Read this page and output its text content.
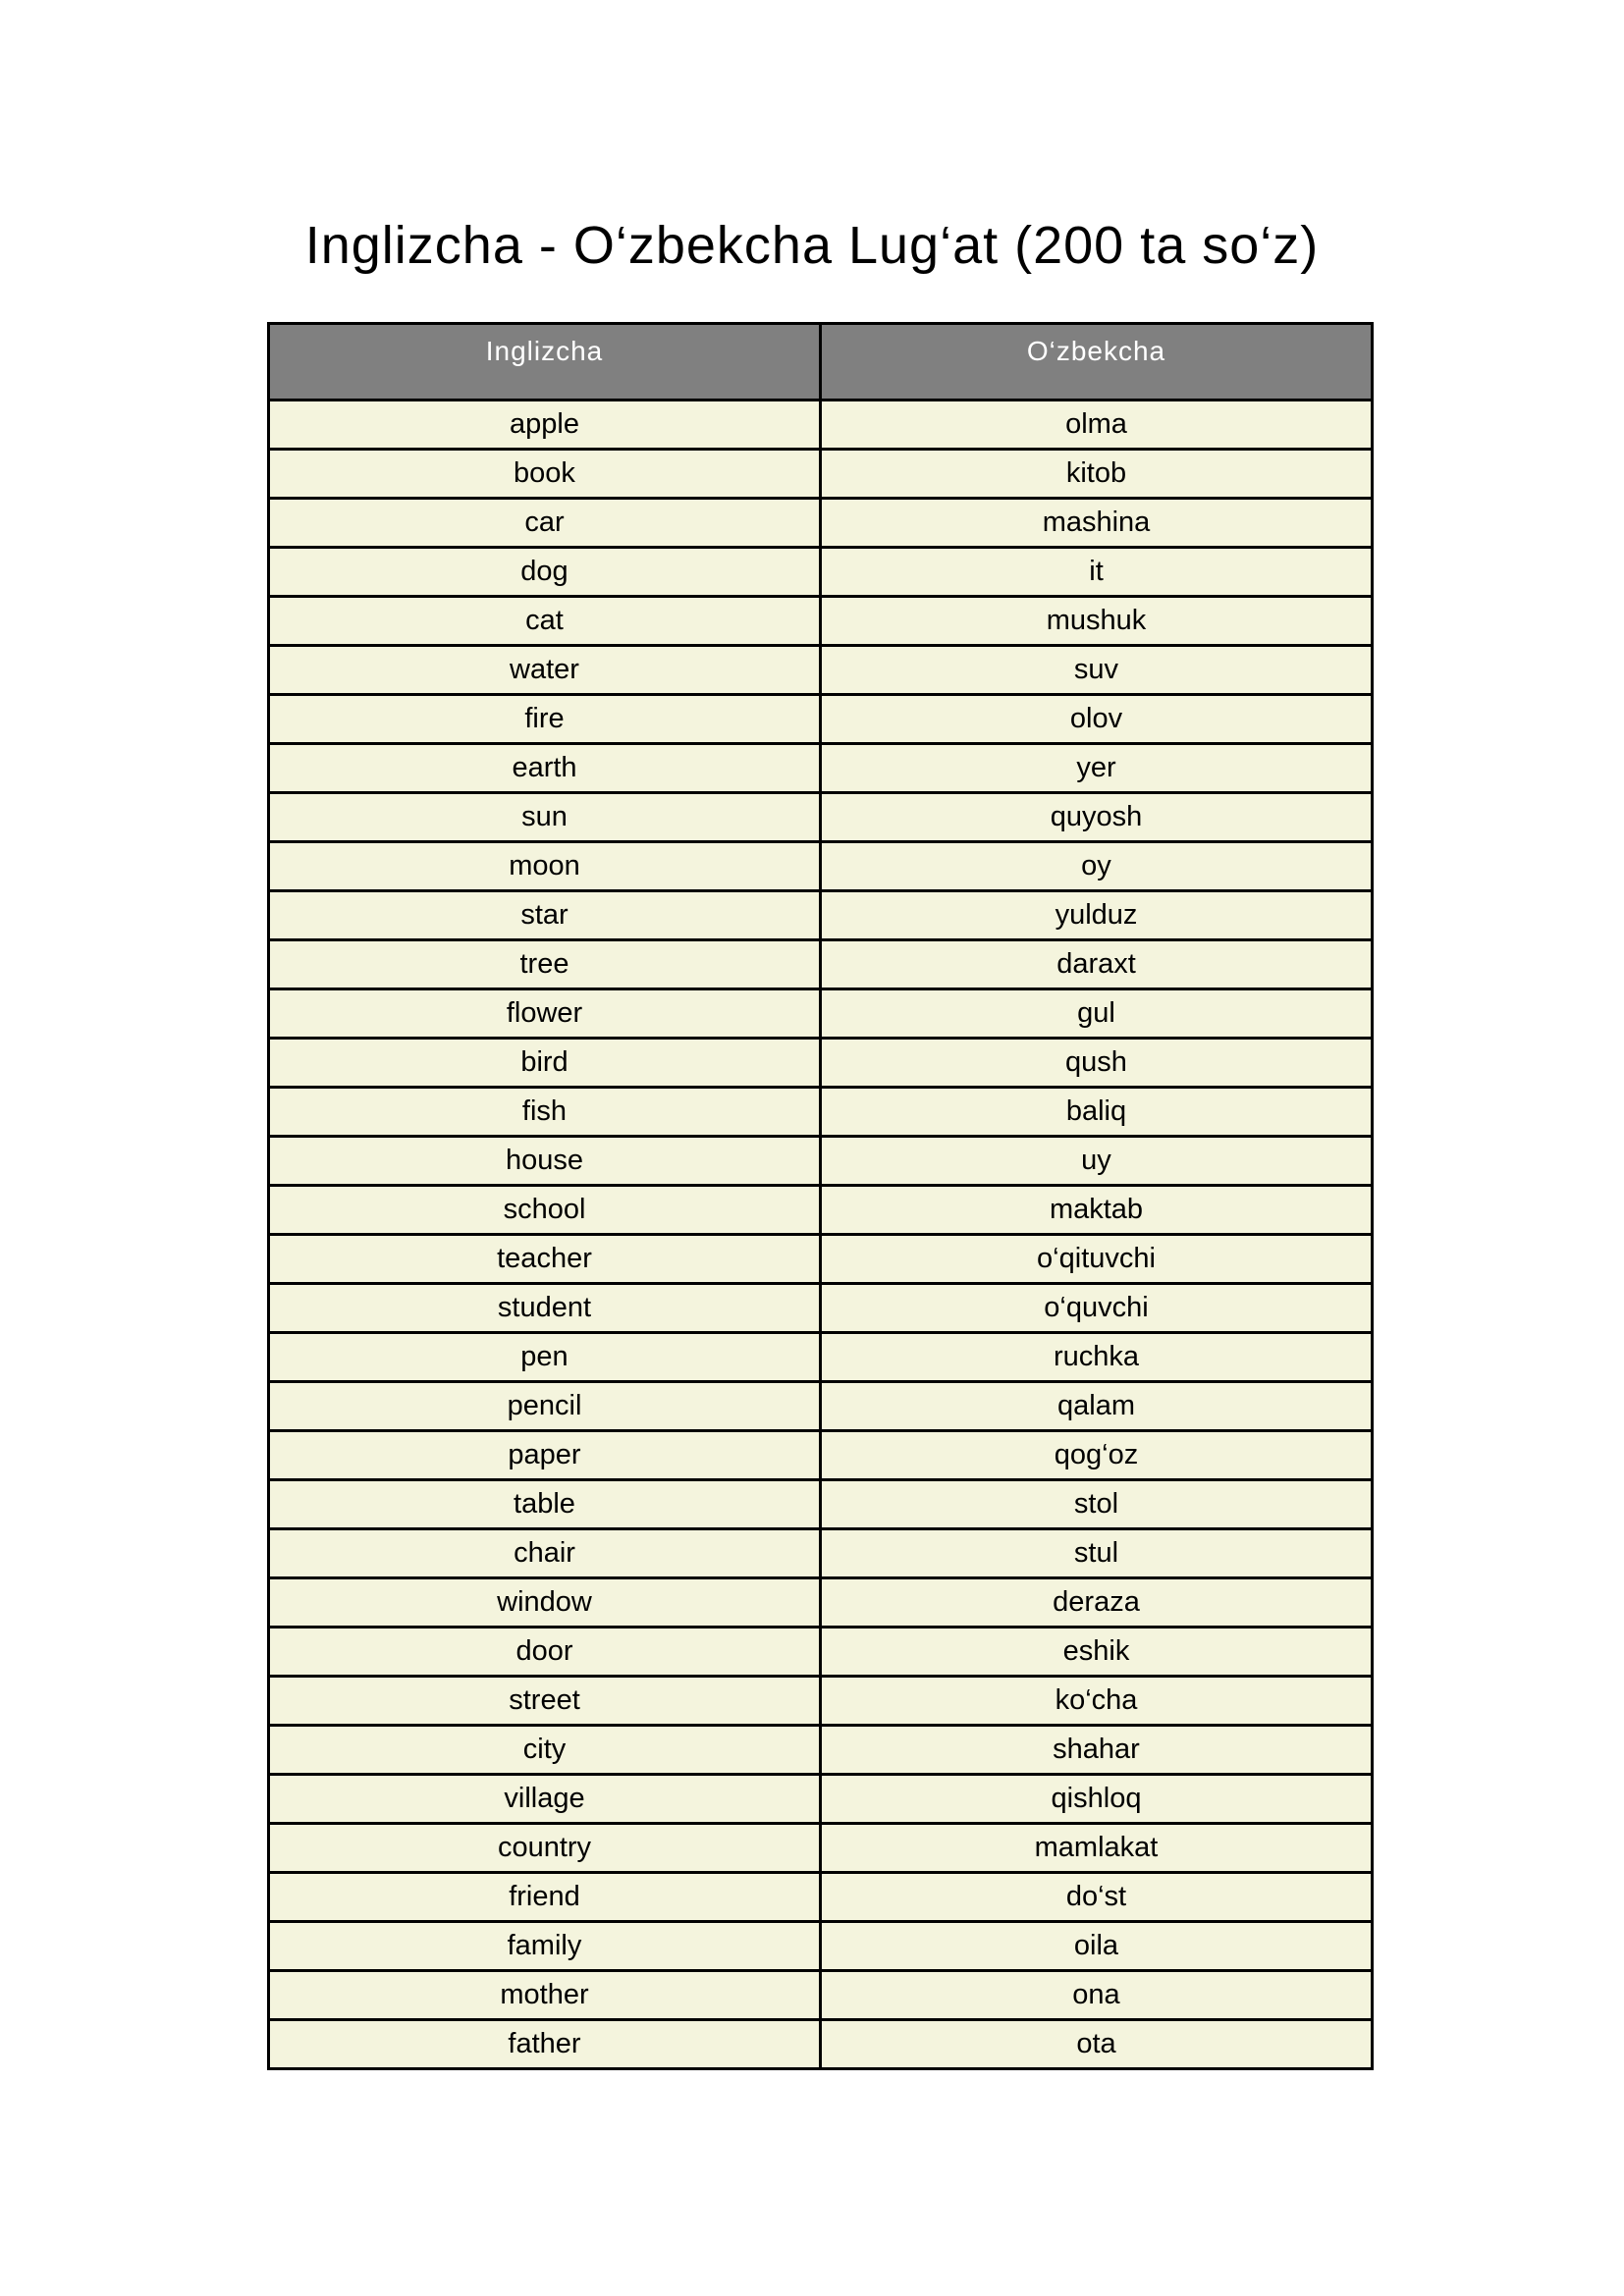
Inglizcha - O‘zbekcha Lug‘at (200 ta so‘z)
Inglizcha	O‘zbekcha
apple	olma
book	kitob
car	mashina
dog	it
cat	mushuk
water	suv
fire	olov
earth	yer
sun	quyosh
moon	oy
star	yulduz
tree	daraxt
flower	gul
bird	qush
fish	baliq
house	uy
school	maktab
teacher	o‘qituvchi
student	o‘quvchi
pen	ruchka
pencil	qalam
paper	qog‘oz
table	stol
chair	stul
window	deraza
door	eshik
street	ko‘cha
city	shahar
village	qishloq
country	mamlakat
friend	do‘st
family	oila
mother	ona
father	ota
